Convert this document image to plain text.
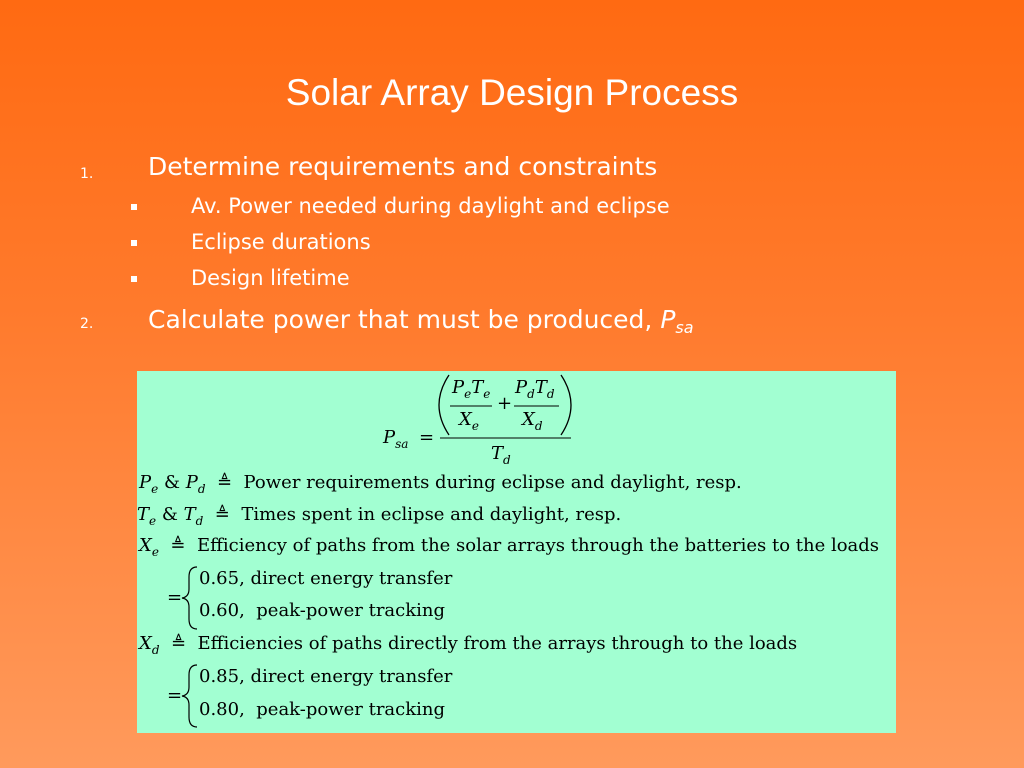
Solar Array Design Process
1. Determine requirements and constraints
Av. Power needed during daylight and eclipse
Eclipse durations
Design lifetime
2. Calculate power that must be produced, $P_{sa}$
$P_{sa}$ =
$P_eT_e$
$X_e$
+
$P_dT_d$
$X_d$
$T_d$
$P_e$ & $P_d$ ≜ Power requirements during eclipse and daylight, resp.
$T_e$ & $T_d$ ≜ Times spent in eclipse and daylight, resp.
$X_e$ ≜ Efficiency of paths from the solar arrays through the batteries to the loads
=
0.65, direct energy transfer
0.60, peak-power tracking
$X_d$ ≜ Efficiencies of paths directly from the arrays through to the loads
=
0.85, direct energy transfer
0.80, peak-power tracking
